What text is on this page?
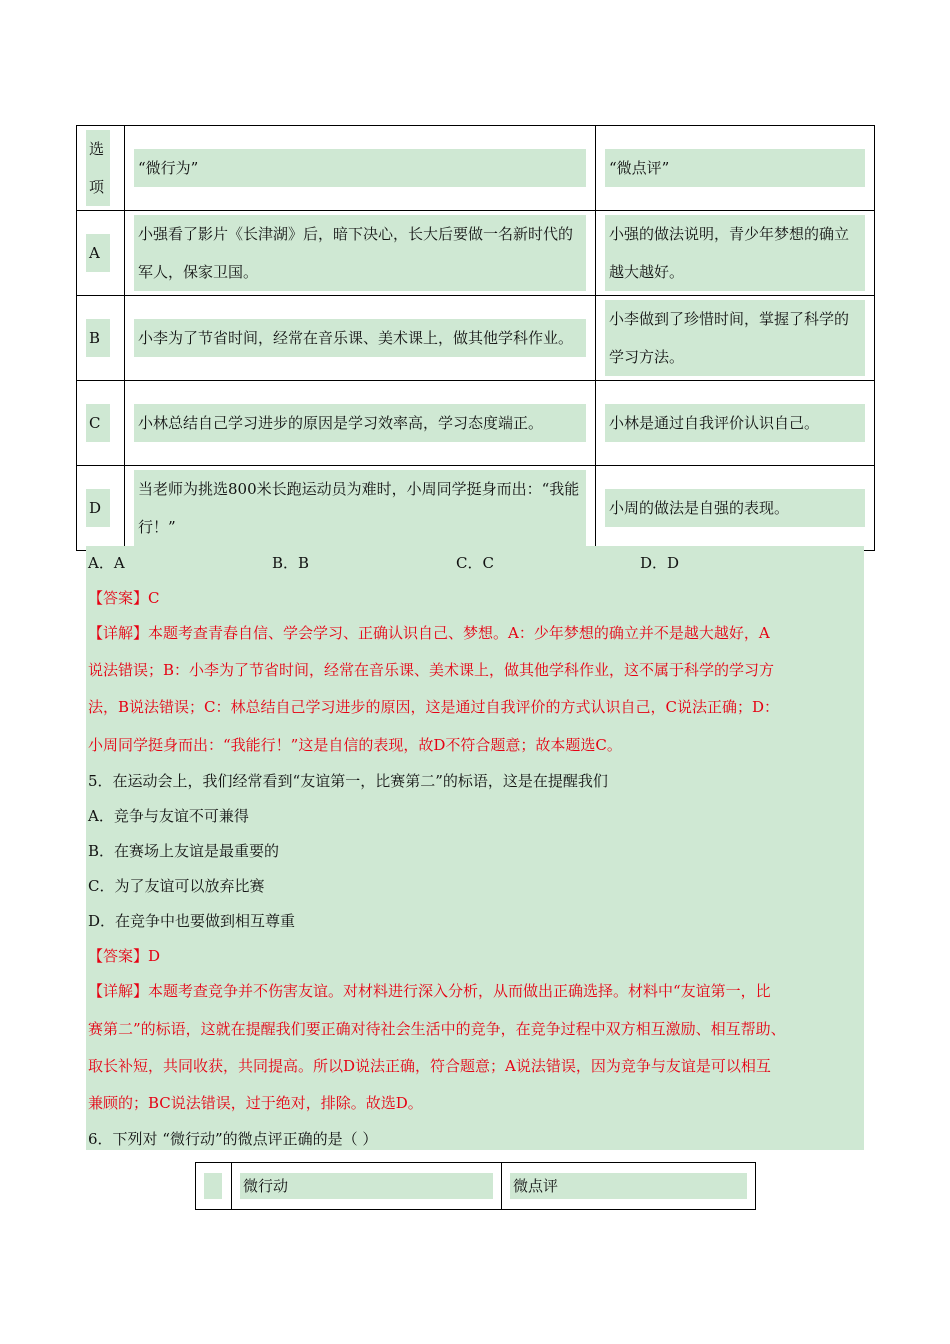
选项	“微行为”	“微点评”

A	小强看了影片《长津湖》后，暗下决心，长大后要做一名新时代的军人，保家卫国。	小强的做法说明，青少年梦想的确立越大越好。

B	小李为了节省时间，经常在音乐课、美术课上，做其他学科作业。	小李做到了珍惜时间，掌握了科学的学习方法。

C	小林总结自己学习进步的原因是学习效率高，学习态度端正。	小林是通过自我评价认识自己。

D	当老师为挑选800米长跑运动员为难时，小周同学挺身而出：“我能行！”	小周的做法是自强的表现。
A．A	B．B	C．C	D．D
【答案】C
【详解】本题考查青春自信、学会学习、正确认识自己、梦想。A：少年梦想的确立并不是越大越好，A
说法错误；B：小李为了节省时间，经常在音乐课、美术课上，做其他学科作业，这不属于科学的学习方
法，B说法错误；C：林总结自己学习进步的原因，这是通过自我评价的方式认识自己，C说法正确；D：
小周同学挺身而出：“我能行！”这是自信的表现，故D不符合题意；故本题选C。
5．在运动会上，我们经常看到“友谊第一，比赛第二”的标语，这是在提醒我们
A．竞争与友谊不可兼得
B．在赛场上友谊是最重要的
C．为了友谊可以放弃比赛
D．在竞争中也要做到相互尊重
【答案】D
【详解】本题考查竞争并不伤害友谊。对材料进行深入分析，从而做出正确选择。材料中“友谊第一，比
赛第二”的标语，这就在提醒我们要正确对待社会生活中的竞争，在竞争过程中双方相互激励、相互帮助、
取长补短，共同收获，共同提高。所以D说法正确，符合题意；A说法错误，因为竞争与友谊是可以相互
兼顾的；BC说法错误，过于绝对，排除。故选D。
6．下列对 “微行动”的微点评正确的是（ ）

微行动	微点评
